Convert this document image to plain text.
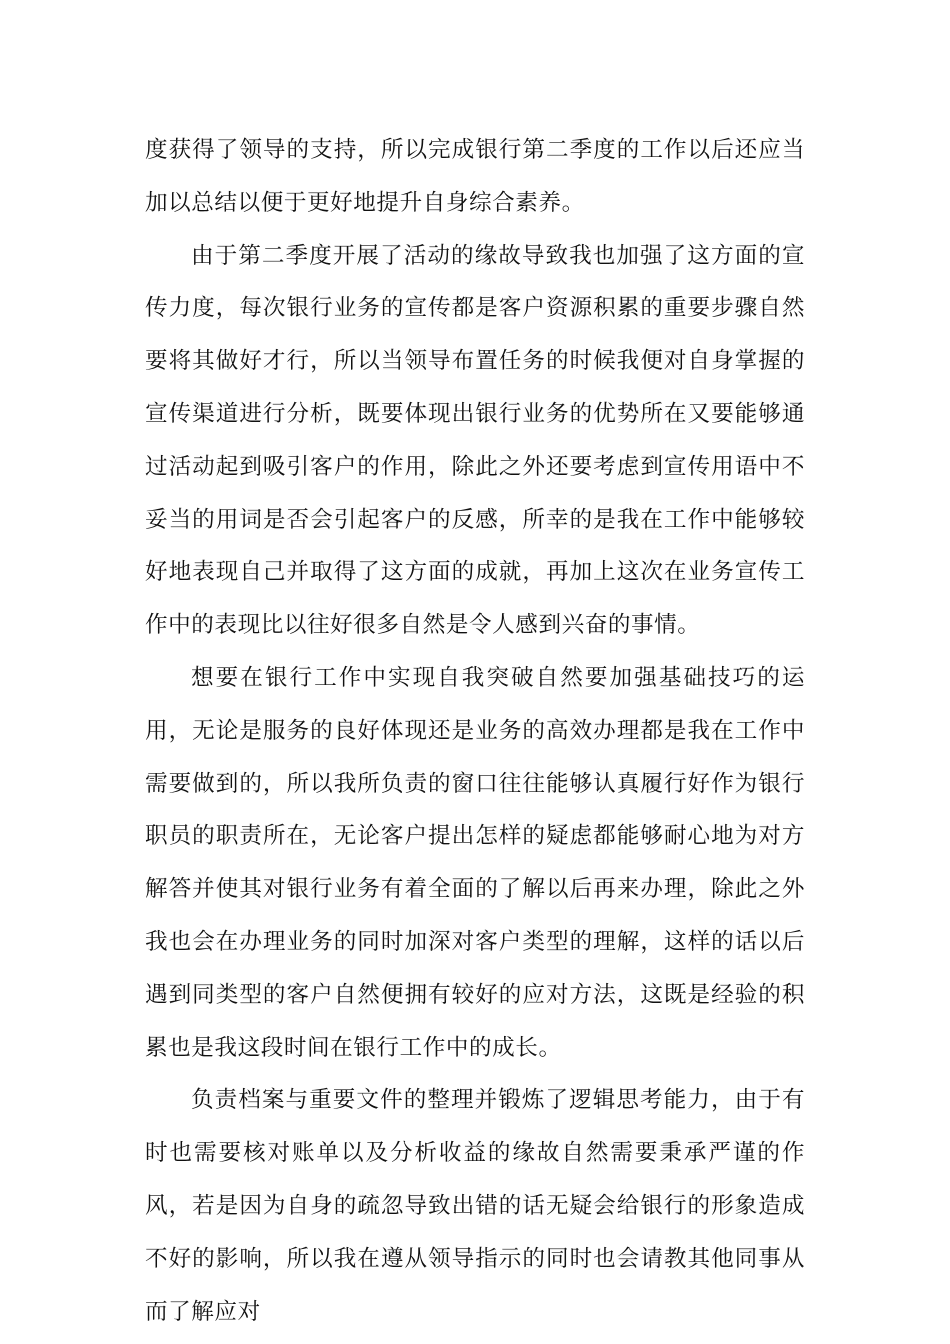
度获得了领导的支持，所以完成银行第二季度的工作以后还应当加以总结以便于更好地提升自身综合素养。

由于第二季度开展了活动的缘故导致我也加强了这方面的宣传力度，每次银行业务的宣传都是客户资源积累的重要步骤自然要将其做好才行，所以当领导布置任务的时候我便对自身掌握的宣传渠道进行分析，既要体现出银行业务的优势所在又要能够通过活动起到吸引客户的作用，除此之外还要考虑到宣传用语中不妥当的用词是否会引起客户的反感，所幸的是我在工作中能够较好地表现自己并取得了这方面的成就，再加上这次在业务宣传工作中的表现比以往好很多自然是令人感到兴奋的事情。

想要在银行工作中实现自我突破自然要加强基础技巧的运用，无论是服务的良好体现还是业务的高效办理都是我在工作中需要做到的，所以我所负责的窗口往往能够认真履行好作为银行职员的职责所在，无论客户提出怎样的疑虑都能够耐心地为对方解答并使其对银行业务有着全面的了解以后再来办理，除此之外我也会在办理业务的同时加深对客户类型的理解，这样的话以后遇到同类型的客户自然便拥有较好的应对方法，这既是经验的积累也是我这段时间在银行工作中的成长。

负责档案与重要文件的整理并锻炼了逻辑思考能力，由于有时也需要核对账单以及分析收益的缘故自然需要秉承严谨的作风，若是因为自身的疏忽导致出错的话无疑会给银行的形象造成不好的影响，所以我在遵从领导指示的同时也会请教其他同事从而了解应对
